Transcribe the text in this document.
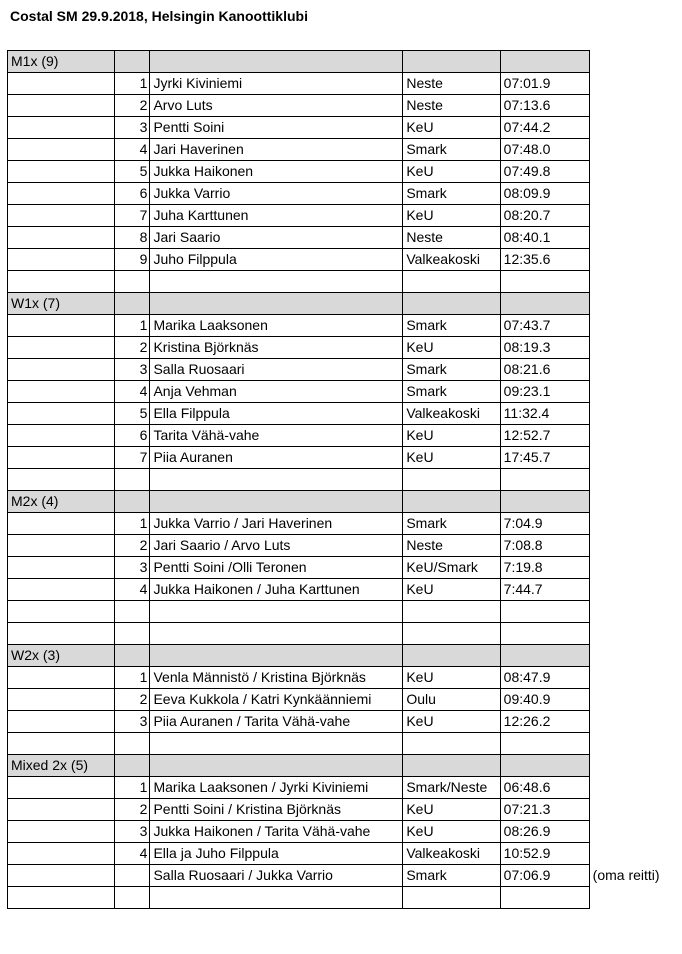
Costal SM 29.9.2018, Helsingin Kanoottiklubi
M1x (9)				
	1	Jyrki Kiviniemi	Neste	07:01.9
	2	Arvo Luts	Neste	07:13.6
	3	Pentti Soini	KeU	07:44.2
	4	Jari Haverinen	Smark	07:48.0
	5	Jukka Haikonen	KeU	07:49.8
	6	Jukka Varrio	Smark	08:09.9
	7	Juha Karttunen	KeU	08:20.7
	8	Jari Saario	Neste	08:40.1
	9	Juho Filppula	Valkeakoski	12:35.6

W1x (7)				
	1	Marika Laaksonen	Smark	07:43.7
	2	Kristina Björknäs	KeU	08:19.3
	3	Salla Ruosaari	Smark	08:21.6
	4	Anja Vehman	Smark	09:23.1
	5	Ella Filppula	Valkeakoski	11:32.4
	6	Tarita Vähä-vahe	KeU	12:52.7
	7	Piia Auranen	KeU	17:45.7

M2x (4)				
	1	Jukka Varrio / Jari Haverinen	Smark	7:04.9
	2	Jari Saario / Arvo Luts	Neste	7:08.8
	3	Pentti Soini /Olli Teronen	KeU/Smark	7:19.8
	4	Jukka Haikonen / Juha Karttunen	KeU	7:44.7

W2x (3)				
	1	Venla Männistö / Kristina Björknäs	KeU	08:47.9
	2	Eeva Kukkola / Katri Kynkäänniemi	Oulu	09:40.9
	3	Piia Auranen / Tarita Vähä-vahe	KeU	12:26.2

Mixed 2x (5)				
	1	Marika Laaksonen / Jyrki Kiviniemi	Smark/Neste	06:48.6
	2	Pentti Soini / Kristina Björknäs	KeU	07:21.3
	3	Jukka Haikonen / Tarita Vähä-vahe	KeU	08:26.9
	4	Ella ja Juho Filppula	Valkeakoski	10:52.9
		Salla Ruosaari / Jukka Varrio	Smark	07:06.9 (oma reitti)
